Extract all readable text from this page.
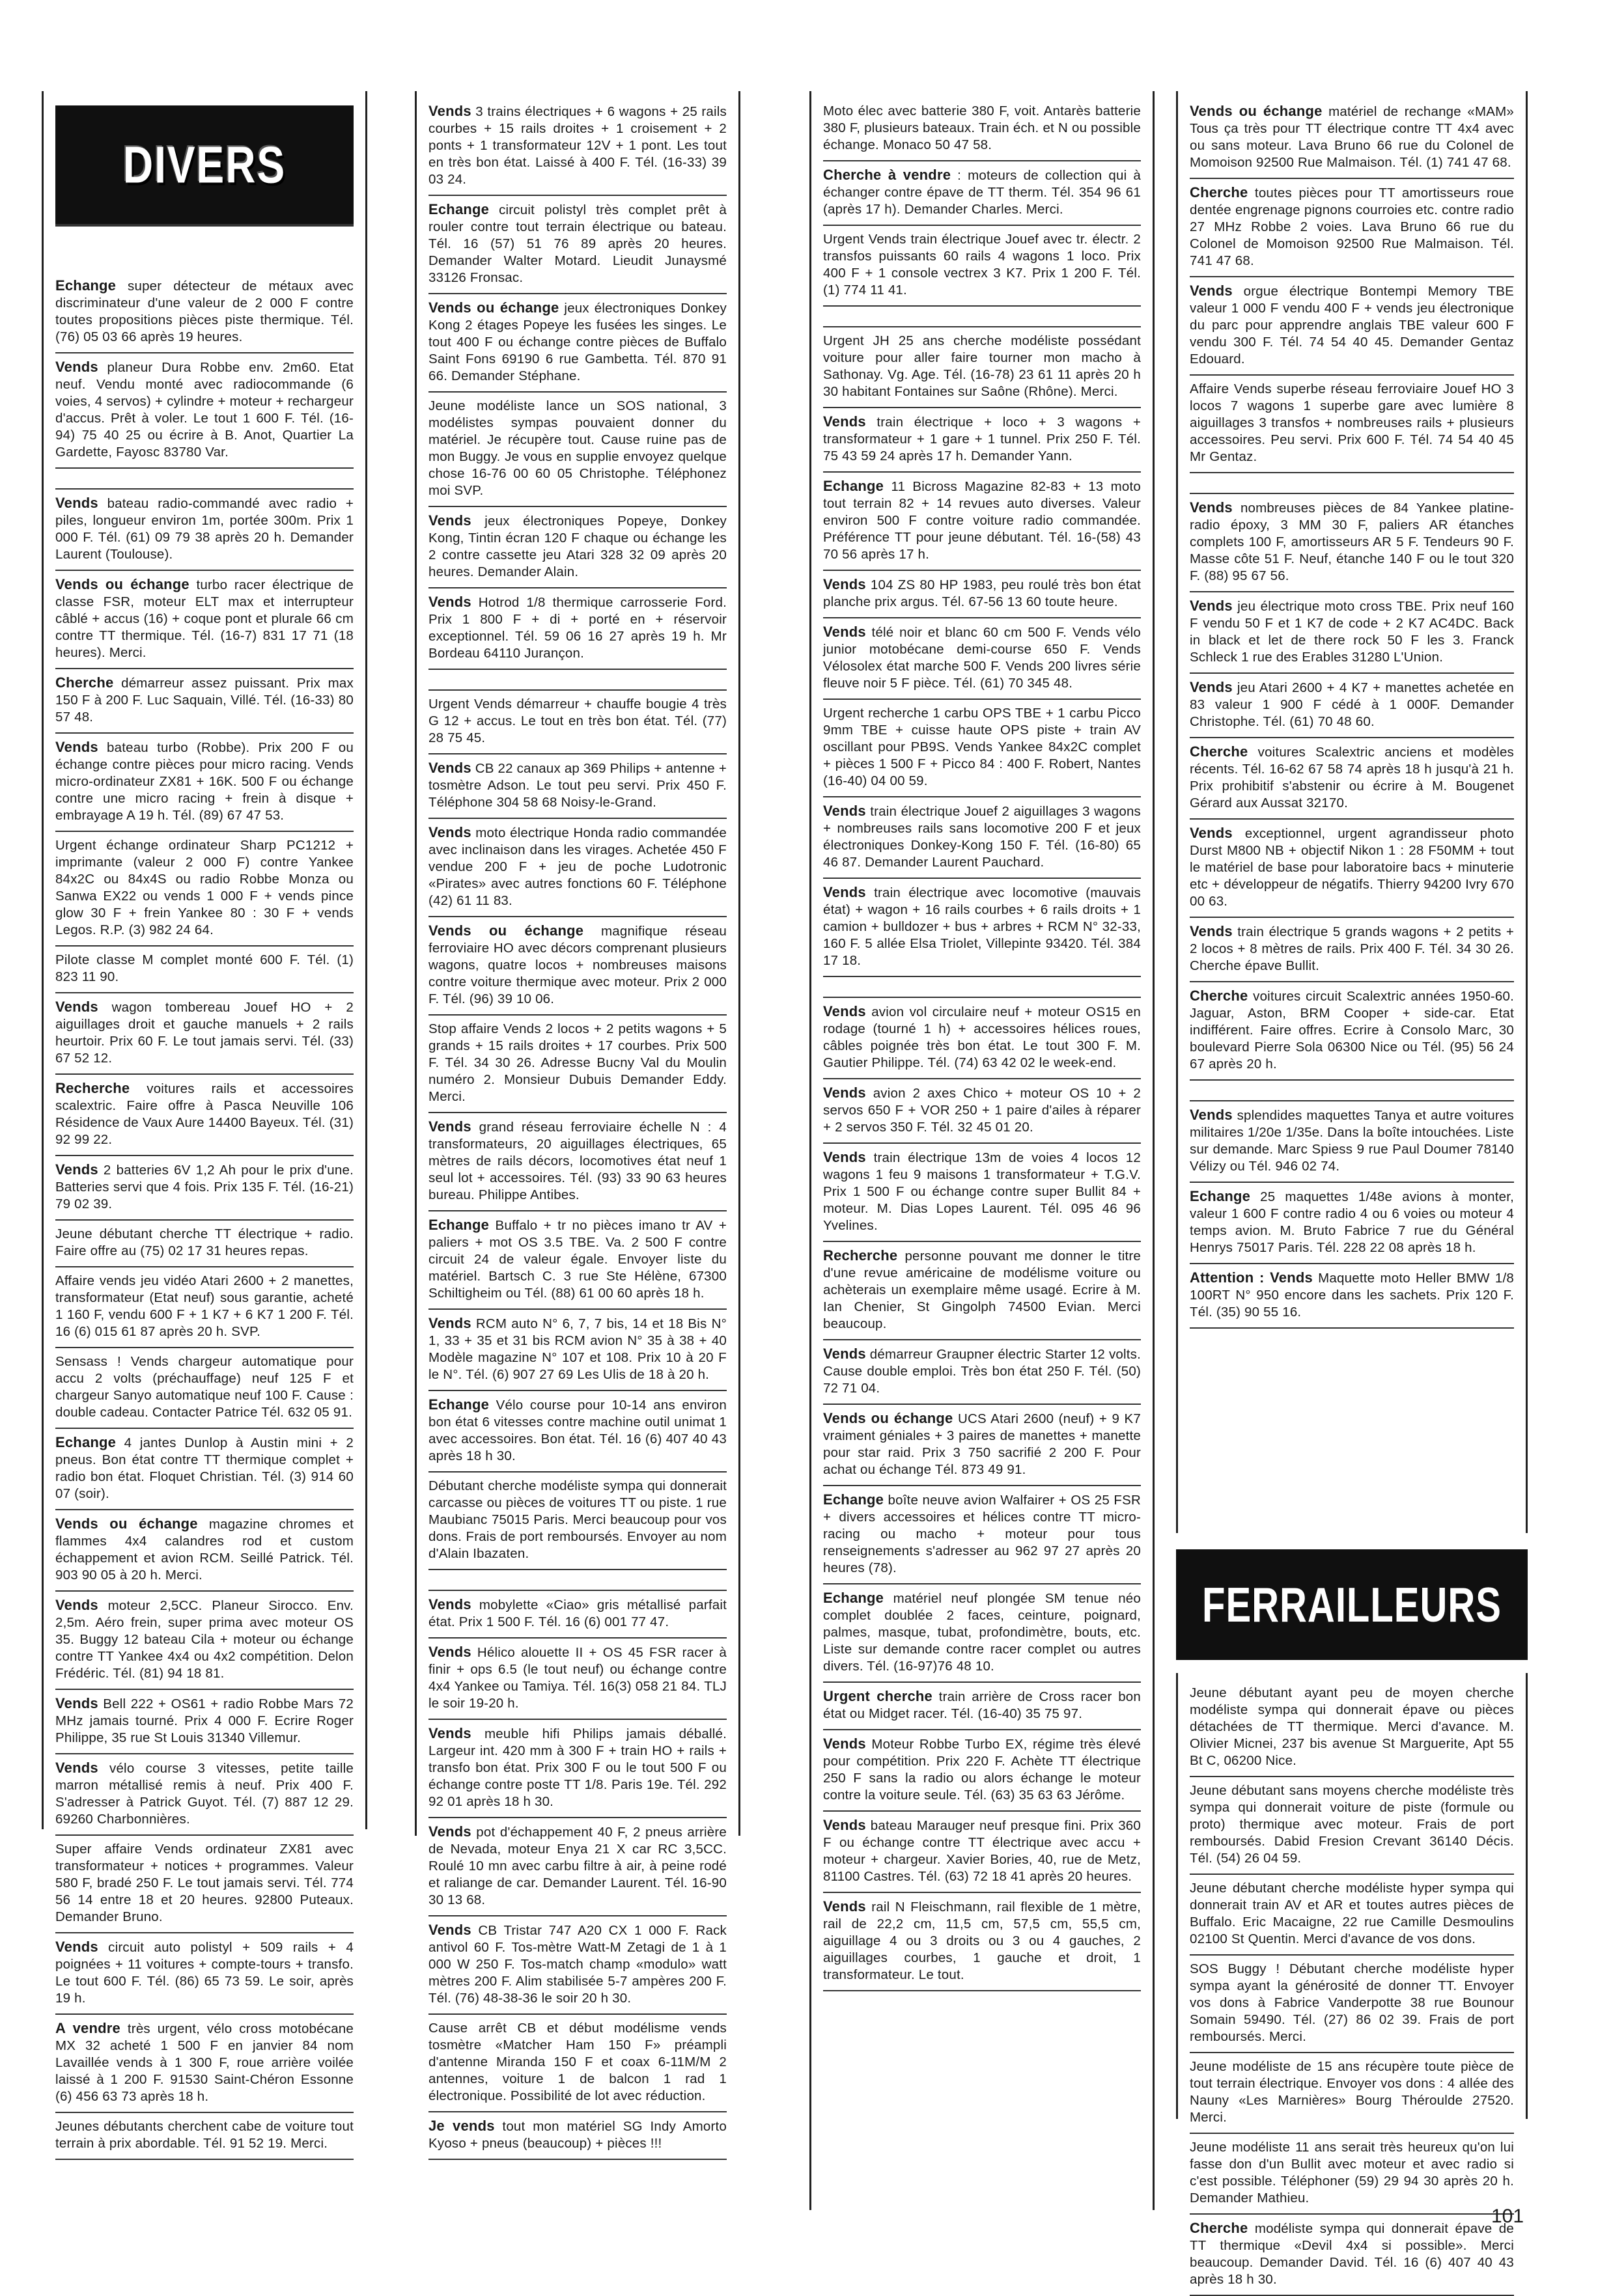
DIVERS
Echange super détecteur de métaux avec discriminateur d'une valeur de 2 000 F contre toutes propositions pièces piste thermique. Tél. (76) 05 03 66 après 19 heures.
Vends planeur Dura Robbe env. 2m60. Etat neuf. Vendu monté avec radiocommande (6 voies, 4 servos) + cylindre + moteur + rechargeur d'accus. Prêt à voler. Le tout 1 600 F. Tél. (16-94) 75 40 25 ou écrire à B. Anot, Quartier La Gardette, Fayosc 83780 Var.
Vends bateau radio-commandé avec radio + piles, longueur environ 1m, portée 300m. Prix 1 000 F. Tél. (61) 09 79 38 après 20 h. Demander Laurent (Toulouse).
Vends ou échange turbo racer électrique de classe FSR, moteur ELT max et interrupteur câblé + accus (16) + coque pont et plurale 66 cm contre TT thermique. Tél. (16-7) 831 17 71 (18 heures). Merci.
Cherche démarreur assez puissant. Prix max 150 F à 200 F. Luc Saquain, Villé. Tél. (16-33) 80 57 48.
Vends bateau turbo (Robbe). Prix 200 F ou échange contre pièces pour micro racing. Vends micro-ordinateur ZX81 + 16K. 500 F ou échange contre une micro racing + frein à disque + embrayage A 19 h. Tél. (89) 67 47 53.
Urgent échange ordinateur Sharp PC1212 + imprimante (valeur 2 000 F) contre Yankee 84x2C ou 84x4S ou radio Robbe Monza ou Sanwa EX22 ou vends 1 000 F + vends pince glow 30 F + frein Yankee 80 : 30 F + vends Legos. R.P. (3) 982 24 64.
Pilote classe M complet monté 600 F. Tél. (1) 823 11 90.
Vends wagon tombereau Jouef HO + 2 aiguillages droit et gauche manuels + 2 rails heurtoir. Prix 60 F. Le tout jamais servi. Tél. (33) 67 52 12.
Recherche voitures rails et accessoires scalextric. Faire offre à Pasca Neuville 106 Résidence de Vaux Aure 14400 Bayeux. Tél. (31) 92 99 22.
Vends 2 batteries 6V 1,2 Ah pour le prix d'une. Batteries servi que 4 fois. Prix 135 F. Tél. (16-21) 79 02 39.
Jeune débutant cherche TT électrique + radio. Faire offre au (75) 02 17 31 heures repas.
Affaire vends jeu vidéo Atari 2600 + 2 manettes, transformateur (Etat neuf) sous garantie, acheté 1 160 F, vendu 600 F + 1 K7 + 6 K7 1 200 F. Tél. 16 (6) 015 61 87 après 20 h. SVP.
Sensass ! Vends chargeur automatique pour accu 2 volts (préchauffage) neuf 125 F et chargeur Sanyo automatique neuf 100 F. Cause : double cadeau. Contacter Patrice Tél. 632 05 91.
Echange 4 jantes Dunlop à Austin mini + 2 pneus. Bon état contre TT thermique complet + radio bon état. Floquet Christian. Tél. (3) 914 60 07 (soir).
Vends ou échange magazine chromes et flammes 4x4 calandres rod et custom échappement et avion RCM. Seillé Patrick. Tél. 903 90 05 à 20 h. Merci.
Vends moteur 2,5CC. Planeur Sirocco. Env. 2,5m. Aéro frein, super prima avec moteur OS 35. Buggy 12 bateau Cila + moteur ou échange contre TT Yankee 4x4 ou 4x2 compétition. Delon Frédéric. Tél. (81) 94 18 81.
Vends Bell 222 + OS61 + radio Robbe Mars 72 MHz jamais tourné. Prix 4 000 F. Ecrire Roger Philippe, 35 rue St Louis 31340 Villemur.
Vends vélo course 3 vitesses, petite taille marron métallisé remis à neuf. Prix 400 F. S'adresser à Patrick Guyot. Tél. (7) 887 12 29. 69260 Charbonnières.
Super affaire Vends ordinateur ZX81 avec transformateur + notices + programmes. Valeur 580 F, bradé 250 F. Le tout jamais servi. Tél. 774 56 14 entre 18 et 20 heures. 92800 Puteaux. Demander Bruno.
Vends circuit auto polistyl + 509 rails + 4 poignées + 11 voitures + compte-tours + transfo. Le tout 600 F. Tél. (86) 65 73 59. Le soir, après 19 h.
A vendre très urgent, vélo cross motobécane MX 32 acheté 1 500 F en janvier 84 nom Lavaillée vends à 1 300 F, roue arrière voilée laissé à 1 200 F. 91530 Saint-Chéron Essonne (6) 456 63 73 après 18 h.
Jeunes débutants cherchent cabe de voiture tout terrain à prix abordable. Tél. 91 52 19. Merci.
Vends 3 trains électriques + 6 wagons + 25 rails courbes + 15 rails droites + 1 croisement + 2 ponts + 1 transformateur 12V + 1 pont. Les tout en très bon état. Laissé à 400 F. Tél. (16-33) 39 03 24.
Echange circuit polistyl très complet prêt à rouler contre tout terrain électrique ou bateau. Tél. 16 (57) 51 76 89 après 20 heures. Demander Walter Motard. Lieudit Junaysmé 33126 Fronsac.
Vends ou échange jeux électroniques Donkey Kong 2 étages Popeye les fusées les singes. Le tout 400 F ou échange contre pièces de Buffalo Saint Fons 69190 6 rue Gambetta. Tél. 870 91 66. Demander Stéphane.
Jeune modéliste lance un SOS national, 3 modélistes sympas pouvaient donner du matériel. Je récupère tout. Cause ruine pas de mon Buggy. Je vous en supplie envoyez quelque chose 16-76 00 60 05 Christophe. Téléphonez moi SVP.
Vends jeux électroniques Popeye, Donkey Kong, Tintin écran 120 F chaque ou échange les 2 contre cassette jeu Atari 328 32 09 après 20 heures. Demander Alain.
Vends Hotrod 1/8 thermique carrosserie Ford. Prix 1 800 F + di + porté en + réservoir exceptionnel. Tél. 59 06 16 27 après 19 h. Mr Bordeau 64110 Jurançon.
Urgent Vends démarreur + chauffe bougie 4 très G 12 + accus. Le tout en très bon état. Tél. (77) 28 75 45.
Vends CB 22 canaux ap 369 Philips + antenne + tosmètre Adson. Le tout peu servi. Prix 450 F. Téléphone 304 58 68 Noisy-le-Grand.
Vends moto électrique Honda radio commandée avec inclinaison dans les virages. Achetée 450 F vendue 200 F + jeu de poche Ludotronic «Pirates» avec autres fonctions 60 F. Téléphone (42) 61 11 83.
Vends ou échange magnifique réseau ferroviaire HO avec décors comprenant plusieurs wagons, quatre locos + nombreuses maisons contre voiture thermique avec moteur. Prix 2 000 F. Tél. (96) 39 10 06.
Stop affaire Vends 2 locos + 2 petits wagons + 5 grands + 15 rails droites + 17 courbes. Prix 500 F. Tél. 34 30 26. Adresse Bucny Val du Moulin numéro 2. Monsieur Dubuis Demander Eddy. Merci.
Vends grand réseau ferroviaire échelle N : 4 transformateurs, 20 aiguillages électriques, 65 mètres de rails décors, locomotives état neuf 1 seul lot + accessoires. Tél. (93) 33 90 63 heures bureau. Philippe Antibes.
Echange Buffalo + tr no pièces imano tr AV + paliers + mot OS 3.5 TBE. Va. 2 500 F contre circuit 24 de valeur égale. Envoyer liste du matériel. Bartsch C. 3 rue Ste Hélène, 67300 Schiltigheim ou Tél. (88) 61 00 60 après 18 h.
Vends RCM auto N° 6, 7, 7 bis, 14 et 18 Bis N° 1, 33 + 35 et 31 bis RCM avion N° 35 à 38 + 40 Modèle magazine N° 107 et 108. Prix 10 à 20 F le N°. Tél. (6) 907 27 69 Les Ulis de 18 à 20 h.
Echange Vélo course pour 10-14 ans environ bon état 6 vitesses contre machine outil unimat 1 avec accessoires. Bon état. Tél. 16 (6) 407 40 43 après 18 h 30.
Débutant cherche modéliste sympa qui donnerait carcasse ou pièces de voitures TT ou piste. 1 rue Maubianc 75015 Paris. Merci beaucoup pour vos dons. Frais de port remboursés. Envoyer au nom d'Alain Ibazaten.
Vends mobylette «Ciao» gris métallisé parfait état. Prix 1 500 F. Tél. 16 (6) 001 77 47.
Vends Hélico alouette II + OS 45 FSR racer à finir + ops 6.5 (le tout neuf) ou échange contre 4x4 Yankee ou Tamiya. Tél. 16(3) 058 21 84. TLJ le soir 19-20 h.
Vends meuble hifi Philips jamais déballé. Largeur int. 420 mm à 300 F + train HO + rails + transfo bon état. Prix 300 F ou le tout 500 F ou échange contre poste TT 1/8. Paris 19e. Tél. 292 92 01 après 18 h 30.
Vends pot d'échappement 40 F, 2 pneus arrière de Nevada, moteur Enya 21 X car RC 3,5CC. Roulé 10 mn avec carbu filtre à air, à peine rodé et raliange de car. Demander Laurent. Tél. 16-90 30 13 68.
Vends CB Tristar 747 A20 CX 1 000 F. Rack antivol 60 F. Tos-mètre Watt-M Zetagi de 1 à 1 000 W 250 F. Tos-match champ «modulo» watt mètres 200 F. Alim stabilisée 5-7 ampères 200 F. Tél. (76) 48-38-36 le soir 20 h 30.
Cause arrêt CB et début modélisme vends tosmètre «Matcher Ham 150 F» préampli d'antenne Miranda 150 F et coax 6-11M/M 2 antennes, voiture 1 de balcon 1 rad 1 électronique. Possibilité de lot avec réduction.
Je vends tout mon matériel SG Indy Amorto Kyoso + pneus (beaucoup) + pièces !!!
Moto élec avec batterie 380 F, voit. Antarès batterie 380 F, plusieurs bateaux. Train éch. et N ou possible échange. Monaco 50 47 58.
Cherche à vendre : moteurs de collection qui à échanger contre épave de TT therm. Tél. 354 96 61 (après 17 h). Demander Charles. Merci.
Urgent Vends train électrique Jouef avec tr. électr. 2 transfos puissants 60 rails 4 wagons 1 loco. Prix 400 F + 1 console vectrex 3 K7. Prix 1 200 F. Tél. (1) 774 11 41.
Urgent JH 25 ans cherche modéliste possédant voiture pour aller faire tourner mon macho à Sathonay. Vg. Age. Tél. (16-78) 23 61 11 après 20 h 30 habitant Fontaines sur Saône (Rhône). Merci.
Vends train électrique + loco + 3 wagons + transformateur + 1 gare + 1 tunnel. Prix 250 F. Tél. 75 43 59 24 après 17 h. Demander Yann.
Echange 11 Bicross Magazine 82-83 + 13 moto tout terrain 82 + 14 revues auto diverses. Valeur environ 500 F contre voiture radio commandée. Préférence TT pour jeune débutant. Tél. 16-(58) 43 70 56 après 17 h.
Vends 104 ZS 80 HP 1983, peu roulé très bon état planche prix argus. Tél. 67-56 13 60 toute heure.
Vends télé noir et blanc 60 cm 500 F. Vends vélo junior motobécane demi-course 650 F. Vends Vélosolex état marche 500 F. Vends 200 livres série fleuve noir 5 F pièce. Tél. (61) 70 345 48.
Urgent recherche 1 carbu OPS TBE + 1 carbu Picco 9mm TBE + cuisse haute OPS piste + train AV oscillant pour PB9S. Vends Yankee 84x2C complet + pièces 1 500 F + Picco 84 : 400 F. Robert, Nantes (16-40) 04 00 59.
Vends train électrique Jouef 2 aiguillages 3 wagons + nombreuses rails sans locomotive 200 F et jeux électroniques Donkey-Kong 150 F. Tél. (16-80) 65 46 87. Demander Laurent Pauchard.
Vends train électrique avec locomotive (mauvais état) + wagon + 16 rails courbes + 6 rails droits + 1 camion + bulldozer + bus + arbres + RCM N° 32-33, 160 F. 5 allée Elsa Triolet, Villepinte 93420. Tél. 384 17 18.
Vends avion vol circulaire neuf + moteur OS15 en rodage (tourné 1 h) + accessoires hélices roues, câbles poignée très bon état. Le tout 300 F. M. Gautier Philippe. Tél. (74) 63 42 02 le week-end.
Vends avion 2 axes Chico + moteur OS 10 + 2 servos 650 F + VOR 250 + 1 paire d'ailes à réparer + 2 servos 350 F. Tél. 32 45 01 20.
Vends train électrique 13m de voies 4 locos 12 wagons 1 feu 9 maisons 1 transformateur + T.G.V. Prix 1 500 F ou échange contre super Bullit 84 + moteur. M. Dias Lopes Laurent. Tél. 095 46 96 Yvelines.
Recherche personne pouvant me donner le titre d'une revue américaine de modélisme voiture ou achèterais un exemplaire même usagé. Ecrire à M. Ian Chenier, St Gingolph 74500 Evian. Merci beaucoup.
Vends démarreur Graupner électric Starter 12 volts. Cause double emploi. Très bon état 250 F. Tél. (50) 72 71 04.
Vends ou échange UCS Atari 2600 (neuf) + 9 K7 vraiment géniales + 3 paires de manettes + manette pour star raid. Prix 3 750 sacrifié 2 200 F. Pour achat ou échange Tél. 873 49 91.
Echange boîte neuve avion Walfairer + OS 25 FSR + divers accessoires et hélices contre TT micro-racing ou macho + moteur pour tous renseignements s'adresser au 962 97 27 après 20 heures (78).
Echange matériel neuf plongée SM tenue néo complet doublée 2 faces, ceinture, poignard, palmes, masque, tubat, profondimètre, bouts, etc. Liste sur demande contre racer complet ou autres divers. Tél. (16-97)76 48 10.
Urgent cherche train arrière de Cross racer bon état ou Midget racer. Tél. (16-40) 35 75 97.
Vends Moteur Robbe Turbo EX, régime très élevé pour compétition. Prix 220 F. Achète TT électrique 250 F sans la radio ou alors échange le moteur contre la voiture seule. Tél. (63) 35 63 63 Jérôme.
Vends bateau Marauger neuf presque fini. Prix 360 F ou échange contre TT électrique avec accu + moteur + chargeur. Xavier Bories, 40, rue de Metz, 81100 Castres. Tél. (63) 72 18 41 après 20 heures.
Vends rail N Fleischmann, rail flexible de 1 mètre, rail de 22,2 cm, 11,5 cm, 57,5 cm, 55,5 cm, aiguillage 4 ou 3 droits ou 3 ou 4 gauches, 2 aiguillages courbes, 1 gauche et droit, 1 transformateur. Le tout.
Vends ou échange matériel de rechange «MAM» Tous ça très pour TT électrique contre TT 4x4 avec ou sans moteur. Lava Bruno 66 rue du Colonel de Momoison 92500 Rue Malmaison. Tél. (1) 741 47 68.
Cherche toutes pièces pour TT amortisseurs roue dentée engrenage pignons courroies etc. contre radio 27 MHz Robbe 2 voies. Lava Bruno 66 rue du Colonel de Momoison 92500 Rue Malmaison. Tél. 741 47 68.
Vends orgue électrique Bontempi Memory TBE valeur 1 000 F vendu 400 F + vends jeu électronique du parc pour apprendre anglais TBE valeur 600 F vendu 300 F. Tél. 74 54 40 45. Demander Gentaz Edouard.
Affaire Vends superbe réseau ferroviaire Jouef HO 3 locos 7 wagons 1 superbe gare avec lumière 8 aiguillages 3 transfos + nombreuses rails + plusieurs accessoires. Peu servi. Prix 600 F. Tél. 74 54 40 45 Mr Gentaz.
Vends nombreuses pièces de 84 Yankee platine-radio époxy, 3 MM 30 F, paliers AR étanches complets 100 F, amortisseurs AR 5 F. Tendeurs 90 F. Masse côte 51 F. Neuf, étanche 140 F ou le tout 320 F. (88) 95 67 56.
Vends jeu électrique moto cross TBE. Prix neuf 160 F vendu 50 F et 1 K7 de code + 2 K7 AC4DC. Back in black et let de there rock 50 F les 3. Franck Schleck 1 rue des Erables 31280 L'Union.
Vends jeu Atari 2600 + 4 K7 + manettes achetée en 83 valeur 1 900 F cédé à 1 000F. Demander Christophe. Tél. (61) 70 48 60.
Cherche voitures Scalextric anciens et modèles récents. Tél. 16-62 67 58 74 après 18 h jusqu'à 21 h. Prix prohibitif s'abstenir ou écrire à M. Bougenet Gérard aux Aussat 32170.
Vends exceptionnel, urgent agrandisseur photo Durst M800 NB + objectif Nikon 1 : 28 F50MM + tout le matériel de base pour laboratoire bacs + minuterie etc + développeur de négatifs. Thierry 94200 Ivry 670 00 63.
Vends train électrique 5 grands wagons + 2 petits + 2 locos + 8 mètres de rails. Prix 400 F. Tél. 34 30 26. Cherche épave Bullit.
Cherche voitures circuit Scalextric années 1950-60. Jaguar, Aston, BRM Cooper + side-car. Etat indifférent. Faire offres. Ecrire à Consolo Marc, 30 boulevard Pierre Sola 06300 Nice ou Tél. (95) 56 24 67 après 20 h.
Vends splendides maquettes Tanya et autre voitures militaires 1/20e 1/35e. Dans la boîte intouchées. Liste sur demande. Marc Spiess 9 rue Paul Doumer 78140 Vélizy ou Tél. 946 02 74.
Echange 25 maquettes 1/48e avions à monter, valeur 1 600 F contre radio 4 ou 6 voies ou moteur 4 temps avion. M. Bruto Fabrice 7 rue du Général Henrys 75017 Paris. Tél. 228 22 08 après 18 h.
Attention : Vends Maquette moto Heller BMW 1/8 100RT N° 950 encore dans les sachets. Prix 120 F. Tél. (35) 90 55 16.
FERRAILLEURS
Jeune débutant ayant peu de moyen cherche modéliste sympa qui donnerait épave ou pièces détachées de TT thermique. Merci d'avance. M. Olivier Micnei, 237 bis avenue St Marguerite, Apt 55 Bt C, 06200 Nice.
Jeune débutant sans moyens cherche modéliste très sympa qui donnerait voiture de piste (formule ou proto) thermique avec moteur. Frais de port remboursés. Dabid Fresion Crevant 36140 Décis. Tél. (54) 26 04 59.
Jeune débutant cherche modéliste hyper sympa qui donnerait train AV et AR et toutes autres pièces de Buffalo. Eric Macaigne, 22 rue Camille Desmoulins 02100 St Quentin. Merci d'avance de vos dons.
SOS Buggy ! Débutant cherche modéliste hyper sympa ayant la générosité de donner TT. Envoyer vos dons à Fabrice Vanderpotte 38 rue Bounour Somain 59490. Tél. (27) 86 02 39. Frais de port remboursés. Merci.
Jeune modéliste de 15 ans récupère toute pièce de tout terrain électrique. Envoyer vos dons : 4 allée des Nauny «Les Marnières» Bourg Théroulde 27520. Merci.
Jeune modéliste 11 ans serait très heureux qu'on lui fasse don d'un Bullit avec moteur et avec radio si c'est possible. Téléphoner (59) 29 94 30 après 20 h. Demander Mathieu.
Cherche modéliste sympa qui donnerait épave de TT thermique «Devil 4x4 si possible». Merci beaucoup. Demander David. Tél. 16 (6) 407 40 43 après 18 h 30.
101
